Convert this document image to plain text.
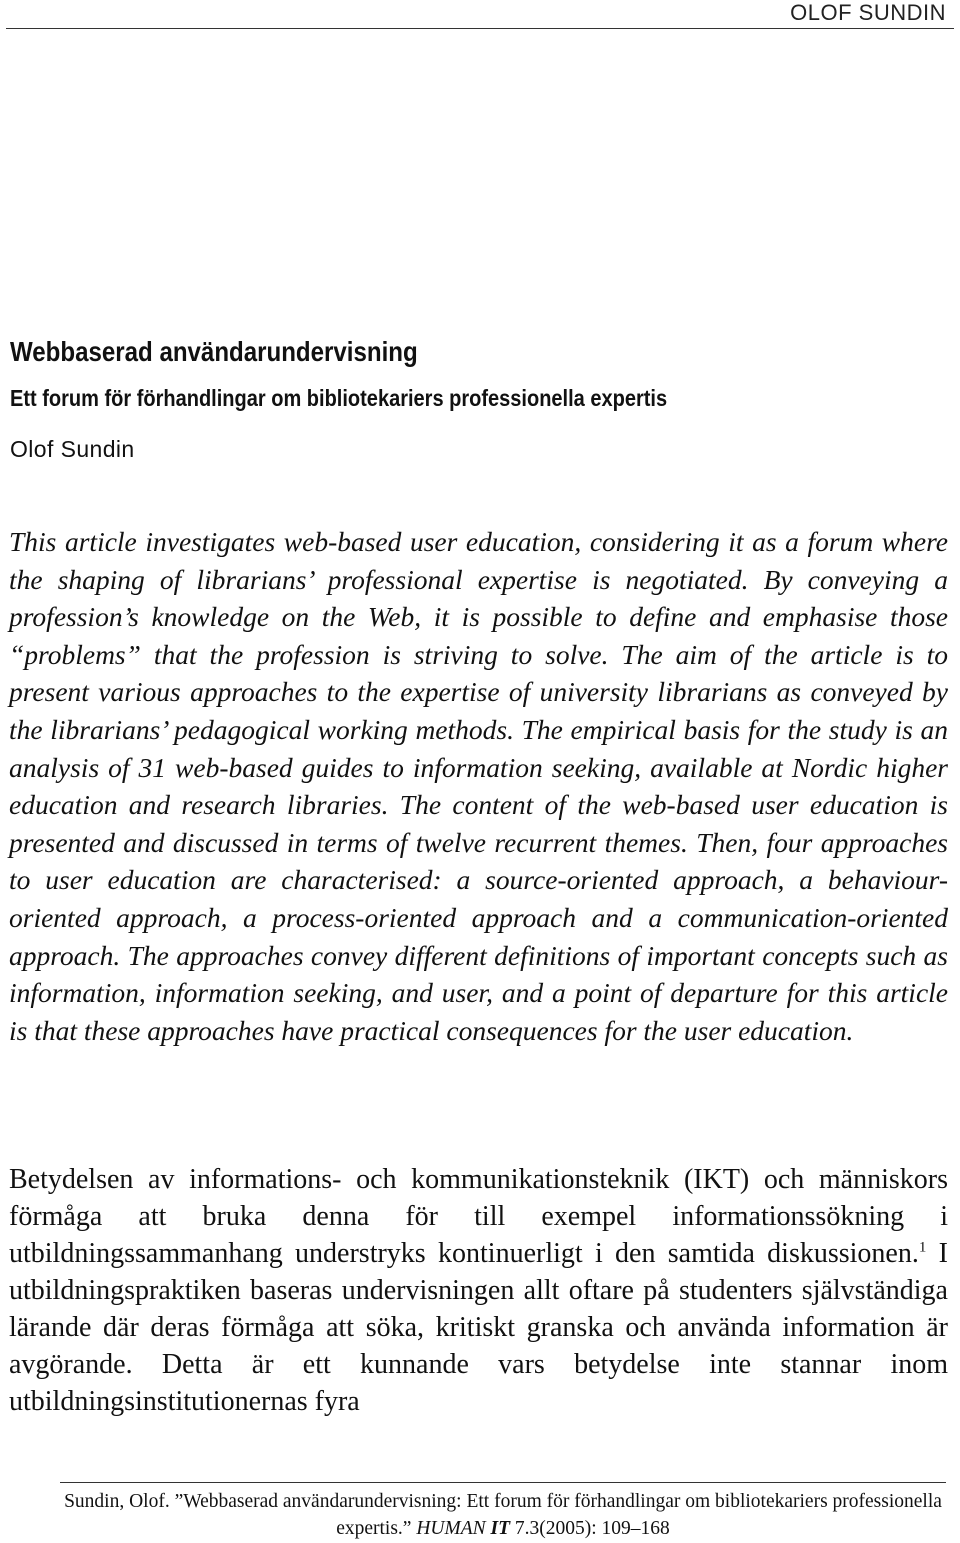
OLOF SUNDIN
Webbaserad användarundervisning
Ett forum för förhandlingar om bibliotekariers professionella expertis
Olof Sundin

This article investigates web-based user education, considering it as a forum where the shaping of librarians’ professional expertise is negotiated. By conveying a profession’s knowledge on the Web, it is possible to define and emphasise those “problems” that the profession is striving to solve. The aim of the article is to present various approaches to the expertise of university librarians as conveyed by the librarians’ pedagogical working methods. The empirical basis for the study is an analysis of 31 web-based guides to information seeking, available at Nordic higher education and research libraries. The content of the web-based user education is presented and discussed in terms of twelve recurrent themes. Then, four approaches to user education are characterised: a source-oriented approach, a behaviour-oriented approach, a process-oriented approach and a communication-oriented approach. The approaches convey different definitions of important concepts such as information, information seeking, and user, and a point of departure for this article is that these approaches have practical consequences for the user education.

Betydelsen av informations- och kommunikationsteknik (IKT) och människors förmåga att bruka denna för till exempel informationssökning i utbildningssammanhang understryks kontinuerligt i den samtida diskussionen.$^1$ I utbildningspraktiken baseras undervisningen allt oftare på studenters självständiga lärande där deras förmåga att söka, kritiskt granska och använda information är avgörande. Detta är ett kunnande vars betydelse inte stannar inom utbildningsinstitutionernas fyra

Sundin, Olof. ”Webbaserad användarundervisning: Ett forum för förhandlingar om bibliotekariers professionella expertis.” HUMAN IT 7.3(2005): 109–168
